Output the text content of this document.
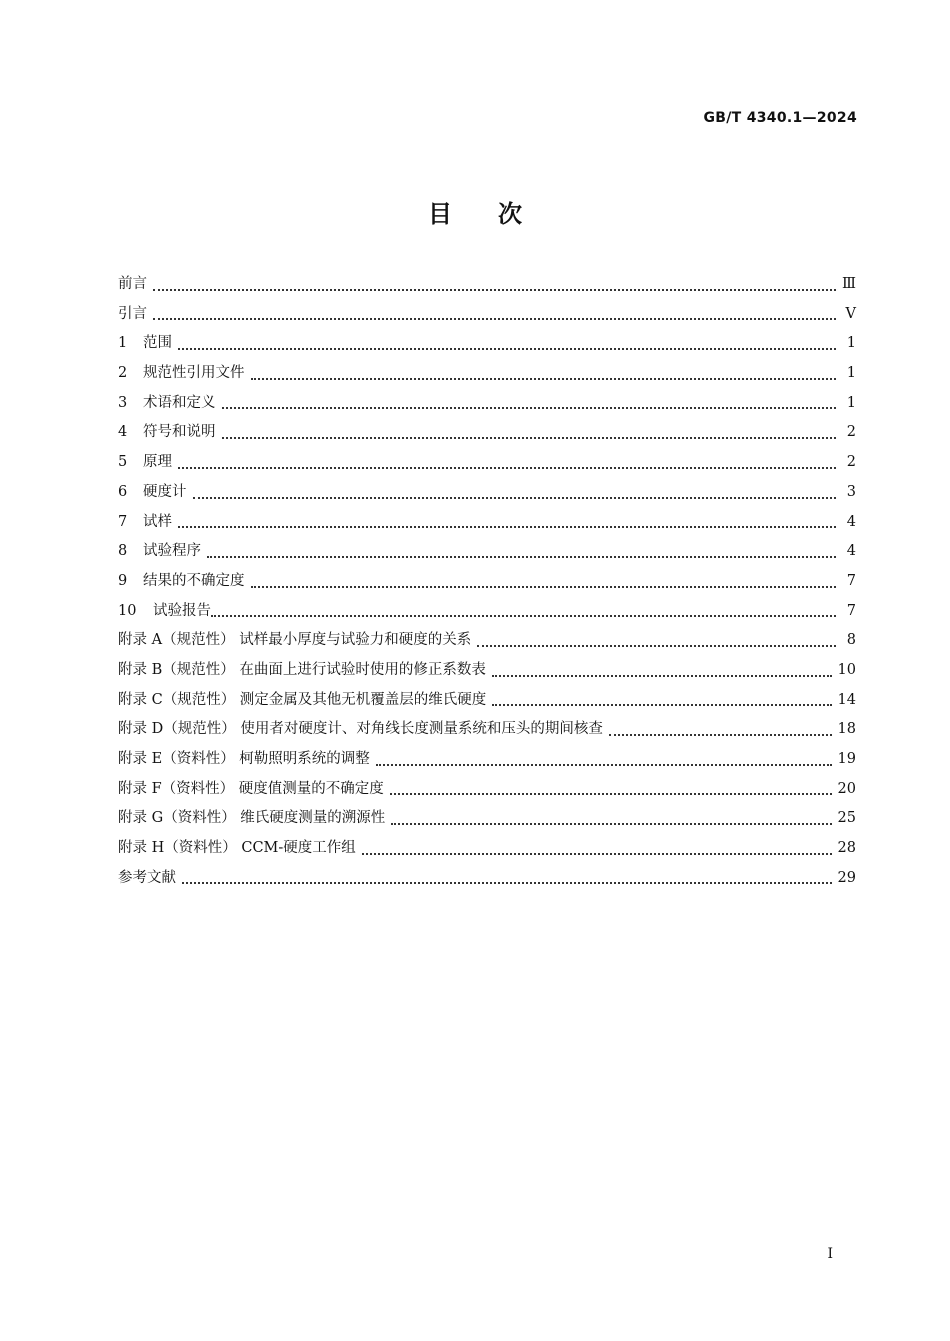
GB/T 4340.1—2024
目次
前言	Ⅲ
引言	Ⅴ
1	范围	1
2	规范性引用文件	1
3	术语和定义	1
4	符号和说明	2
5	原理	2
6	硬度计	3
7	试样	4
8	试验程序	4
9	结果的不确定度	7
10	试验报告	7
附录 A（规范性） 试样最小厚度与试验力和硬度的关系	8
附录 B（规范性） 在曲面上进行试验时使用的修正系数表	10
附录 C（规范性） 测定金属及其他无机覆盖层的维氏硬度	14
附录 D（规范性） 使用者对硬度计、对角线长度测量系统和压头的期间核查	18
附录 E（资料性） 柯勒照明系统的调整	19
附录 F（资料性） 硬度值测量的不确定度	20
附录 G（资料性） 维氏硬度测量的溯源性	25
附录 H（资料性） CCM-硬度工作组	28
参考文献	29
Ⅰ
